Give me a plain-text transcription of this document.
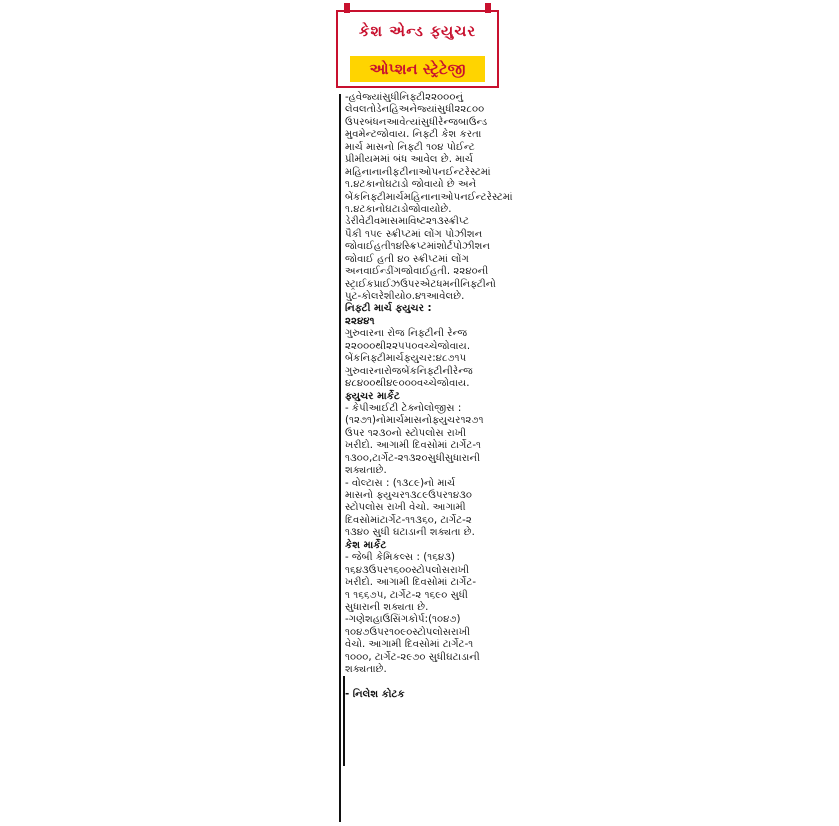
કેશ એન્ડ ફ્યુચર
ઓપ્શન સ્ટ્રેટેજી
-હવેજ્યાંસુધીનિફ્ટી૨૨૦૦૦નું
લેવલતોડેનહિઅનેજ્યાંસુધી૨૨૮૦૦
ઉપરબંધનઆવેત્યાંસુધીરેન્જબાઉન્ડ
મુવમેન્ટજોવાય. નિફ્ટી કેશ કરતા
માર્ચ માસનો નિફ્ટી ૧૦૪ પોઈન્ટ
પ્રીમીયમમાં બંધ આવેલ છે. માર્ચ
મહિનાનાનીફટીનાઓપનઈન્ટરેસ્ટમાં
૧.૪ટકાનોઘટાડો જોવાયો છે અને
બેંકનિફ્ટીમાર્ચમહિનાનાઓપનઈન્ટરેસ્ટમાં
૧.૪ટકાનોઘટાડોજોવાયોછે.
ડેરીવેટીવમાસમાવિષ્ટ૨૧૩સ્ક્રીપ્ટ
પૈકી ૧૫૯ સ્ક્રીપ્ટમાં લોંગ પોઝીશન
જોવાઈહતી૧૪સ્ક્રિપ્ટમાંશોર્ટપોઝીશન
જોવાઈ હતી ૪૦ સ્ક્રીપ્ટમાં લોંગ
અનવાઈન્ડીંગજોવાઈહતી. ૨૨૪૦ની
સ્ટ્રાઈકપ્રાઈઝઉપરએટધમનીનિફ્ટીનો
પુટ-કોલરેશીયો૦.૪૧આવેલછે.
નિફ્ટી માર્ચ ફ્યુચર :
૨૨૪૪૧
ગુરુવારના રોજ નિફ્ટીની રેન્જ
૨૨૦૦૦થી૨૨૫૫૦વચ્ચેજોવાય.
બેંકનિફ્ટીમાર્ચફ્યુચર:૪૮૭૧૫
ગુરુવારનારોજબેંકનિફ્ટીનીરેન્જ
૪૮૪૦૦થી૪૯૦૦૦વચ્ચેજોવાય.
ફ્યુચર માર્કેટ
- કેપીઆઈટી ટેક્નોલોજીસ :
(૧૨૭૧)નોમાર્ચમાસનોફ્યુચર૧૨૭૧
ઉપર ૧૨૩૦નો સ્ટોપલોસ રાખી
ખરીદો. આગામી દિવસોમાં ટાર્ગેટ-૧
૧૩૦૦,ટાર્ગેટ-૨૧૩૨૦સુધીસુધારાની
શક્યતાછે.
- વોલ્ટાસ : (૧૩૮૯)નો માર્ચ
માસનો ફ્યુચર૧૩૮૯ઉપર૧૪૩૦
સ્ટોપલોસ રાખી વેચો. આગામી
દિવસોમાંટાર્ગેટ-૧૧૩૬૦, ટાર્ગેટ-૨
૧૩૪૦ સુધી ઘટાડાની શક્યતા છે.
કેશ માર્કેટ
- જેબી કેમિકલ્સ : (૧૬૪૩)
૧૬૪૩ઉપર૧૬૦૦સ્ટોપલોસરાખી
ખરીદો. આગામી દિવસોમાં ટાર્ગેટ-
૧ ૧૬૬૭૫, ટાર્ગેટ-૨ ૧૬૯૦ સુધી
સુધારાની શક્યતા છે.
-ગણેશહાઉસિંગકોર્પ:(૧૦૪૭)
૧૦૪૭ઉપર૧૦૯૦સ્ટોપલોસરાખી
વેચો. આગામી દિવસોમાં ટાર્ગેટ-૧
૧૦૦૦, ટાર્ગેટ-૨૯૭૦ સુધીઘટાડાની
શક્યતાછે.
- નિલેશ કોટક
